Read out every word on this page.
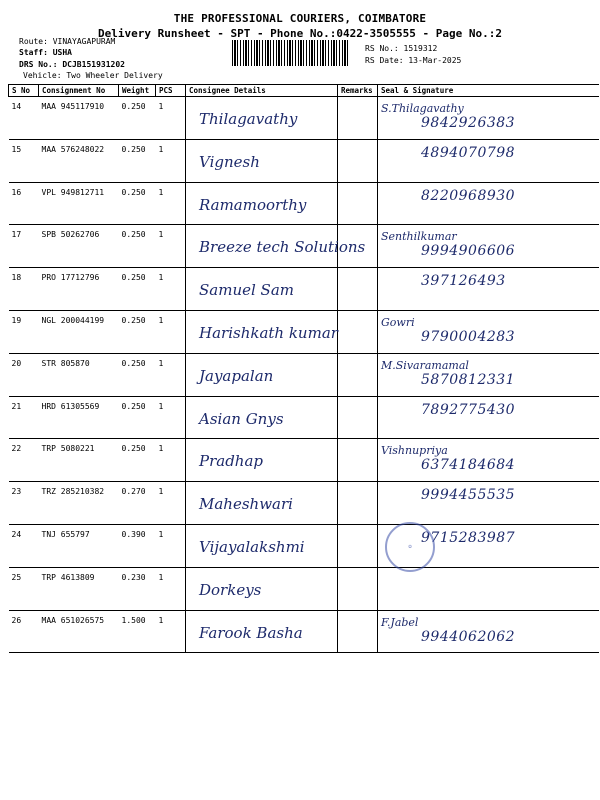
THE PROFESSIONAL COURIERS, COIMBATORE
Delivery Runsheet - SPT - Phone No.:0422-3505555 - Page No.:2
Route: VINAYAGAPURAM
Staff: USHA
DRS No.: DCJB151931202
Vehicle: Two Wheeler Delivery
RS No.: 1519312
RS Date: 13-Mar-2025
S No	Consignment No	Weight	PCS	Consignee Details	Remarks	Seal & Signature
14	MAA 945117910	0.250	1	Thilagavathy		S.Thilagavathy
9842926383

15	MAA 576248022	0.250	1	Vignesh		4894070798

16	VPL 949812711	0.250	1	Ramamoorthy		8220968930

17	SPB 50262706	0.250	1	Breeze tech Solutions		Senthilkumar
9994906606

18	PRO 17712796	0.250	1	Samuel Sam		397126493

19	NGL 200044199	0.250	1	Harishkath kumar		Gowri
9790004283

20	STR 805870	0.250	1	Jayapalan		M.Sivaramamal
5870812331

21	HRD 61305569	0.250	1	Asian Gnys		7892775430

22	TRP 5080221	0.250	1	Pradhap		Vishnupriya
6374184684

23	TRZ 285210382	0.270	1	Maheshwari		9994455535

24	TNJ 655797	0.390	1	Vijayalakshmi		9715283987

25	TRP 4613809	0.230	1	Dorkeys		

26	MAA 651026575	1.500	1	Farook Basha		F.Jabel
9944062062
✿
